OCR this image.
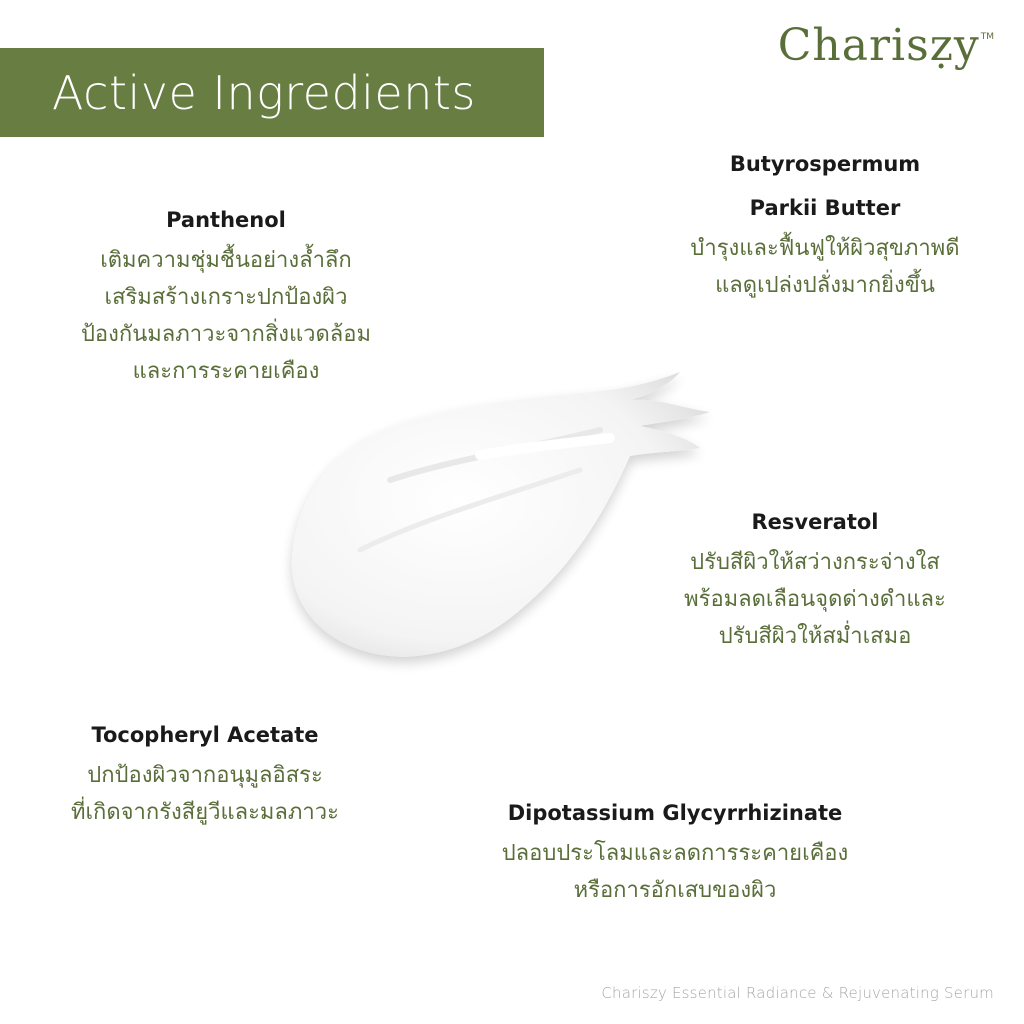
Active Ingredients
Charisẓy TM
Panthenol
เติมความชุ่มชื้นอย่างล้ำลึก
เสริมสร้างเกราะปกป้องผิว
ป้องกันมลภาวะจากสิ่งแวดล้อม
และการระคายเคือง
Butyrospermum
Parkii Butter
บำรุงและฟื้นฟูให้ผิวสุขภาพดี
แลดูเปล่งปลั่งมากยิ่งขึ้น
Resveratol
ปรับสีผิวให้สว่างกระจ่างใส
พร้อมลดเลือนจุดด่างดำและ
ปรับสีผิวให้สม่ำเสมอ
Tocopheryl Acetate
ปกป้องผิวจากอนุมูลอิสระ
ที่เกิดจากรังสียูวีและมลภาวะ	Dipotassium Glycyrrhizinate
ปลอบประโลมและลดการระคายเคือง
หรือการอักเสบของผิว
Chariszy Essential Radiance & Rejuvenating Serum
